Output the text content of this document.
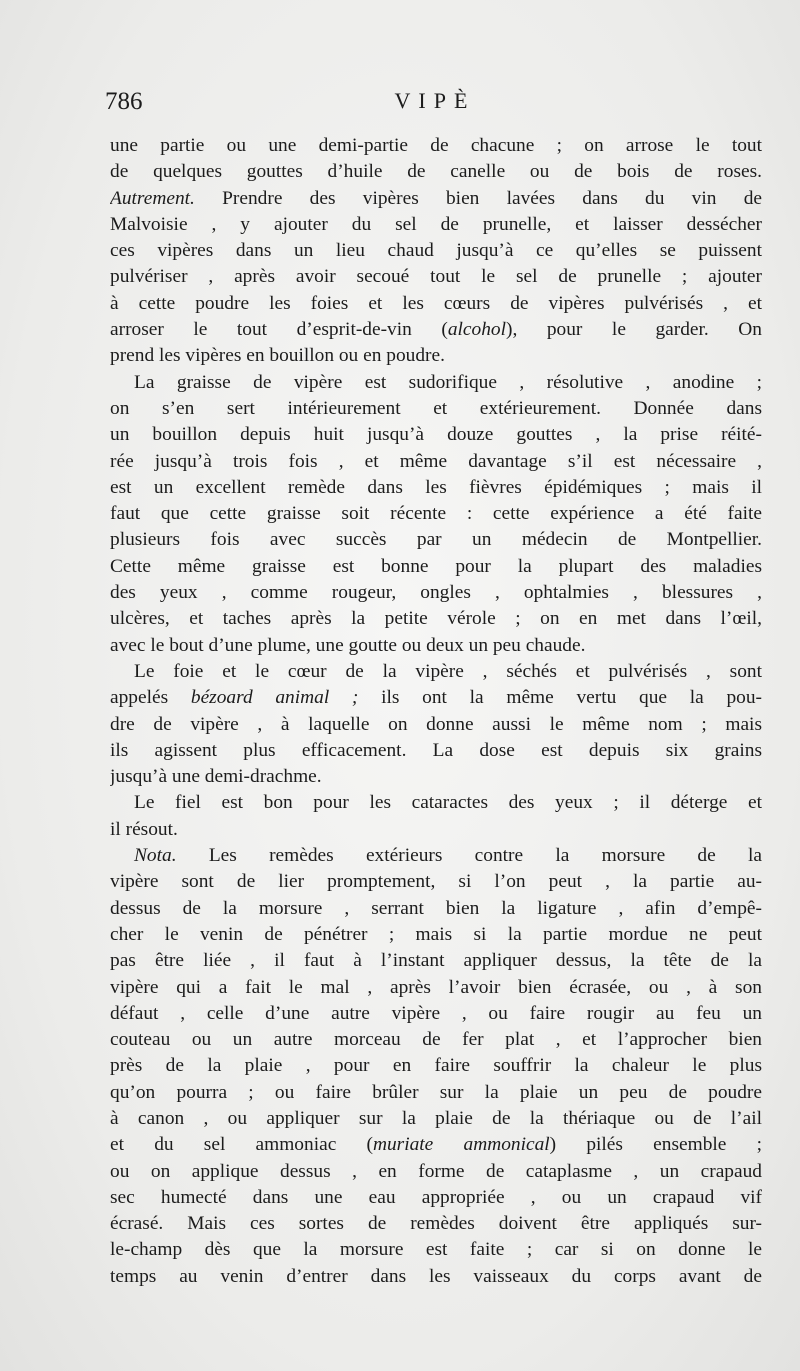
786	VIPÈ
une partie ou une demi-partie de chacune ; on arrose le tout
de quelques gouttes d’huile de canelle ou de bois de roses.
Autrement. Prendre des vipères bien lavées dans du vin de
Malvoisie , y ajouter du sel de prunelle, et laisser dessécher
ces vipères dans un lieu chaud jusqu’à ce qu’elles se puissent
pulvériser , après avoir secoué tout le sel de prunelle ; ajouter
à cette poudre les foies et les cœurs de vipères pulvérisés , et
arroser le tout d’esprit-de-vin (alcohol), pour le garder. On
prend les vipères en bouillon ou en poudre.
La graisse de vipère est sudorifique , résolutive , anodine ;
on s’en sert intérieurement et extérieurement. Donnée dans
un bouillon depuis huit jusqu’à douze gouttes , la prise réité-
rée jusqu’à trois fois , et même davantage s’il est nécessaire ,
est un excellent remède dans les fièvres épidémiques ; mais il
faut que cette graisse soit récente : cette expérience a été faite
plusieurs fois avec succès par un médecin de Montpellier.
Cette même graisse est bonne pour la plupart des maladies
des yeux , comme rougeur, ongles , ophtalmies , blessures ,
ulcères, et taches après la petite vérole ; on en met dans l’œil,
avec le bout d’une plume, une goutte ou deux un peu chaude.
Le foie et le cœur de la vipère , séchés et pulvérisés , sont
appelés bézoard animal ; ils ont la même vertu que la pou-
dre de vipère , à laquelle on donne aussi le même nom ; mais
ils agissent plus efficacement. La dose est depuis six grains
jusqu’à une demi-drachme.
Le fiel est bon pour les cataractes des yeux ; il déterge et
il résout.
Nota. Les remèdes extérieurs contre la morsure de la
vipère sont de lier promptement, si l’on peut , la partie au-
dessus de la morsure , serrant bien la ligature , afin d’empê-
cher le venin de pénétrer ; mais si la partie mordue ne peut
pas être liée , il faut à l’instant appliquer dessus, la tête de la
vipère qui a fait le mal , après l’avoir bien écrasée, ou , à son
défaut , celle d’une autre vipère , ou faire rougir au feu un
couteau ou un autre morceau de fer plat , et l’approcher bien
près de la plaie , pour en faire souffrir la chaleur le plus
qu’on pourra ; ou faire brûler sur la plaie un peu de poudre
à canon , ou appliquer sur la plaie de la thériaque ou de l’ail
et du sel ammoniac (muriate ammonical) pilés ensemble ;
ou on applique dessus , en forme de cataplasme , un crapaud
sec humecté dans une eau appropriée , ou un crapaud vif
écrasé. Mais ces sortes de remèdes doivent être appliqués sur-
le-champ dès que la morsure est faite ; car si on donne le
temps au venin d’entrer dans les vaisseaux du corps avant de
